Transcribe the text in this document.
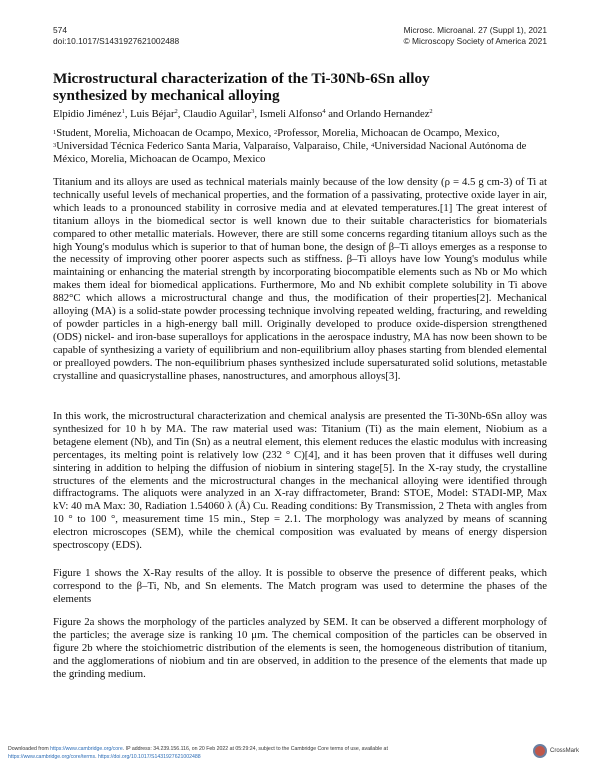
574
doi:10.1017/S1431927621002488
Microsc. Microanal. 27 (Suppl 1), 2021
© Microscopy Society of America 2021
Microstructural characterization of the Ti-30Nb-6Sn alloy synthesized by mechanical alloying
Elpidio Jiménez$^1$, Luis Béjar$^2$, Claudio Aguilar$^3$, Ismeli Alfonso$^4$ and Orlando Hernandez$^2$
$^1$Student, Morelia, Michoacan de Ocampo, Mexico, $^2$Professor, Morelia, Michoacan de Ocampo, Mexico, $^3$Universidad Técnica Federico Santa Maria, Valparaíso, Valparaiso, Chile, $^4$Universidad Nacional Autónoma de México, Morelia, Michoacan de Ocampo, Mexico

Titanium and its alloys are used as technical materials mainly because of the low density (ρ = 4.5 g cm-3) of Ti at technically useful levels of mechanical properties, and the formation of a passivating, protective oxide layer in air, which leads to a pronounced stability in corrosive media and at elevated temperatures.[1] The great interest of titanium alloys in the biomedical sector is well known due to their suitable characteristics for biomaterials compared to other metallic materials. However, there are still some concerns regarding titanium alloys such as the high Young's modulus which is superior to that of human bone, the design of β–Ti alloys emerges as a response to the necessity of improving other poorer aspects such as stiffness. β–Ti alloys have low Young's modulus while maintaining or enhancing the material strength by incorporating biocompatible elements such as Nb or Mo which makes them ideal for biomedical applications. Furthermore, Mo and Nb exhibit complete solubility in Ti above 882°C which allows a microstructural change and thus, the modification of their properties[2]. Mechanical alloying (MA) is a solid-state powder processing technique involving repeated welding, fracturing, and rewelding of powder particles in a high-energy ball mill. Originally developed to produce oxide-dispersion strengthened (ODS) nickel- and iron-base superalloys for applications in the aerospace industry, MA has now been shown to be capable of synthesizing a variety of equilibrium and non-equilibrium alloy phases starting from blended elemental or prealloyed powders. The non-equilibrium phases synthesized include supersaturated solid solutions, metastable crystalline and quasicrystalline phases, nanostructures, and amorphous alloys[3].

In this work, the microstructural characterization and chemical analysis are presented the Ti-30Nb-6Sn alloy was synthesized for 10 h by MA. The raw material used was: Titanium (Ti) as the main element, Niobium as a betagene element (Nb), and Tin (Sn) as a neutral element, this element reduces the elastic modulus with increasing percentages, its melting point is relatively low (232 ° C)[4], and it has been proven that it diffuses well during sintering in addition to helping the diffusion of niobium in sintering stage[5]. In the X-ray study, the crystalline structures of the elements and the microstructural changes in the mechanical alloying were identified through diffractograms. The aliquots were analyzed in an X-ray diffractometer, Brand: STOE, Model: STADI-MP, Max kV: 40 mA Max: 30, Radiation 1.54060 λ (Å) Cu. Reading conditions: By Transmission, 2 Theta with angles from 10 ° to 100 °, measurement time 15 min., Step = 2.1. The morphology was analyzed by means of scanning electron microscopes (SEM), while the chemical composition was evaluated by means of energy dispersion spectroscopy (EDS).

Figure 1 shows the X-Ray results of the alloy. It is possible to observe the presence of different peaks, which correspond to the β–Ti, Nb, and Sn elements. The Match program was used to determine the phases of the elements

Figure 2a shows the morphology of the particles analyzed by SEM. It can be observed a different morphology of the particles; the average size is ranking 10 μm. The chemical composition of the particles can be observed in figure 2b where the stoichiometric distribution of the elements is seen, the homogeneous distribution of titanium, and the agglomerations of niobium and tin are observed, in addition to the presence of the elements that made up the grinding medium.

Downloaded from https://www.cambridge.org/core. IP address: 34.239.156.116, on 20 Feb 2022 at 05:29:24, subject to the Cambridge Core terms of use, available at https://www.cambridge.org/core/terms. https://doi.org/10.1017/S1431927621002488
CrossMark
